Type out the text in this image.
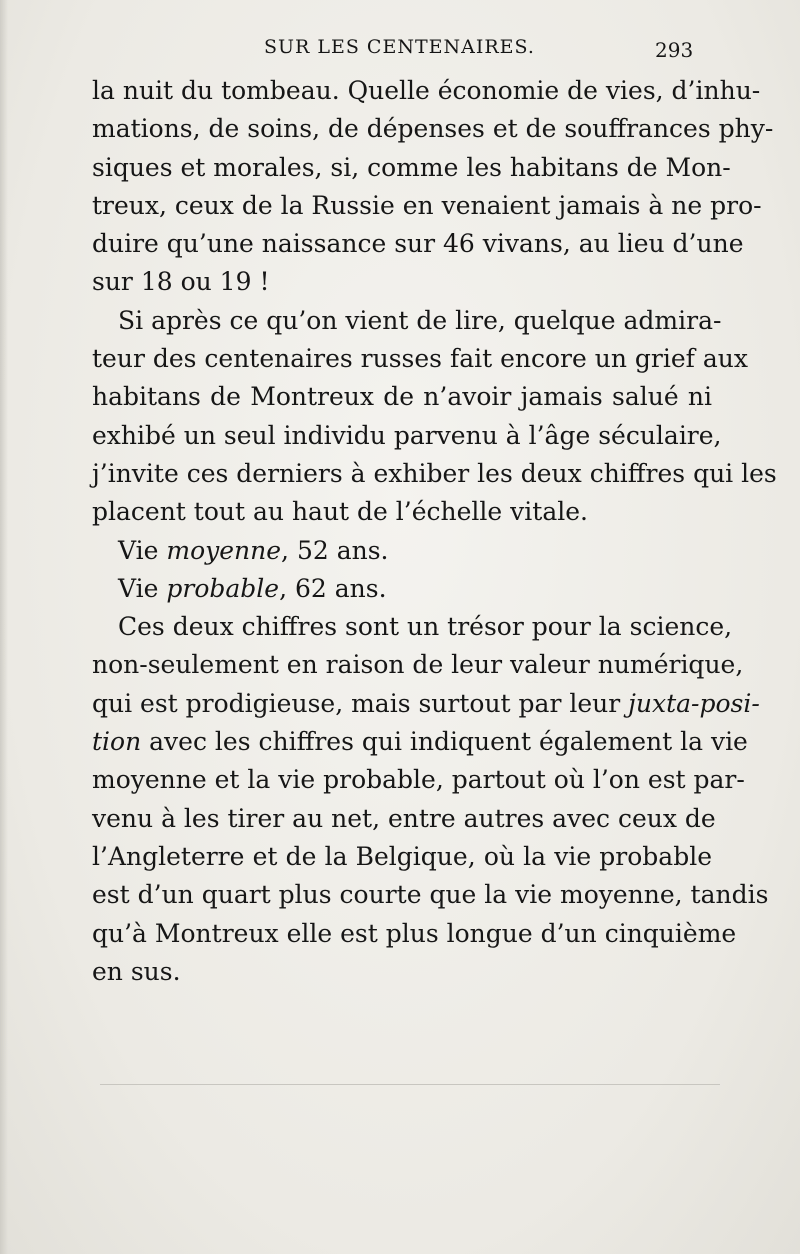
SUR LES CENTENAIRES.	293
la nuit du tombeau. Quelle économie de vies, d’inhu-
mations, de soins, de dépenses et de souffrances phy-
siques et morales, si, comme les habitans de Mon-
treux, ceux de la Russie en venaient jamais à ne pro-
duire qu’une naissance sur 46 vivans, au lieu d’une
sur 18 ou 19 !
Si après ce qu’on vient de lire, quelque admira-
teur des centenaires russes fait encore un grief aux
habitans de Montreux de n’avoir jamais salué ni
exhibé un seul individu parvenu à l’âge séculaire,
j’invite ces derniers à exhiber les deux chiffres qui les
placent tout au haut de l’échelle vitale.
Vie moyenne, 52 ans.
Vie probable, 62 ans.
Ces deux chiffres sont un trésor pour la science,
non-seulement en raison de leur valeur numérique,
qui est prodigieuse, mais surtout par leur juxta-posi-
tion avec les chiffres qui indiquent également la vie
moyenne et la vie probable, partout où l’on est par-
venu à les tirer au net, entre autres avec ceux de
l’Angleterre et de la Belgique, où la vie probable
est d’un quart plus courte que la vie moyenne, tandis
qu’à Montreux elle est plus longue d’un cinquième
en sus.
